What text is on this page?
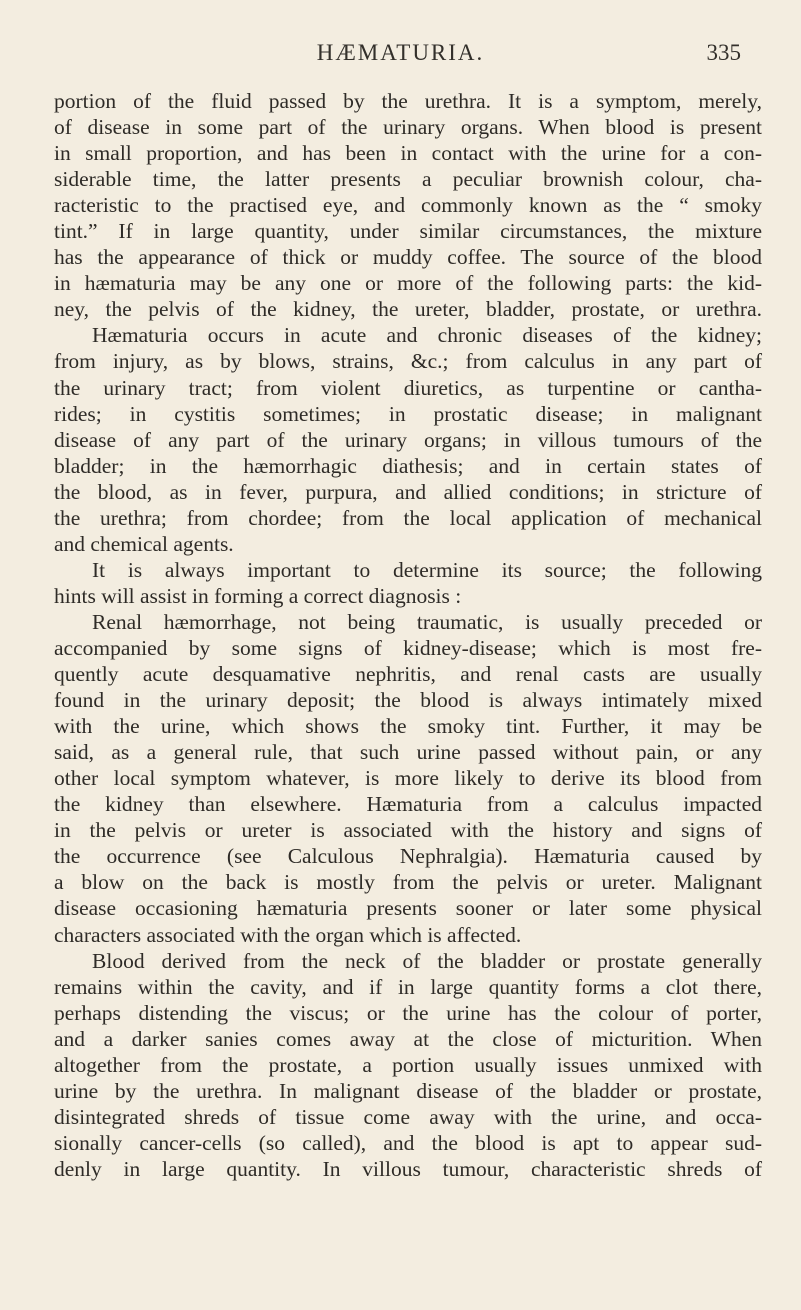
HÆMATURIA.	335
portion of the fluid passed by the urethra. It is a symptom, merely,
of disease in some part of the urinary organs. When blood is present
in small proportion, and has been in contact with the urine for a con-
siderable time, the latter presents a peculiar brownish colour, cha-
racteristic to the practised eye, and commonly known as the “ smoky
tint.” If in large quantity, under similar circumstances, the mixture
has the appearance of thick or muddy coffee. The source of the blood
in hæmaturia may be any one or more of the following parts: the kid-
ney, the pelvis of the kidney, the ureter, bladder, prostate, or urethra.
Hæmaturia occurs in acute and chronic diseases of the kidney;
from injury, as by blows, strains, &c.; from calculus in any part of
the urinary tract; from violent diuretics, as turpentine or cantha-
rides; in cystitis sometimes; in prostatic disease; in malignant
disease of any part of the urinary organs; in villous tumours of the
bladder; in the hæmorrhagic diathesis; and in certain states of
the blood, as in fever, purpura, and allied conditions; in stricture of
the urethra; from chordee; from the local application of mechanical
and chemical agents.
It is always important to determine its source; the following
hints will assist in forming a correct diagnosis :
Renal hæmorrhage, not being traumatic, is usually preceded or
accompanied by some signs of kidney-disease; which is most fre-
quently acute desquamative nephritis, and renal casts are usually
found in the urinary deposit; the blood is always intimately mixed
with the urine, which shows the smoky tint. Further, it may be
said, as a general rule, that such urine passed without pain, or any
other local symptom whatever, is more likely to derive its blood from
the kidney than elsewhere. Hæmaturia from a calculus impacted
in the pelvis or ureter is associated with the history and signs of
the occurrence (see Calculous Nephralgia). Hæmaturia caused by
a blow on the back is mostly from the pelvis or ureter. Malignant
disease occasioning hæmaturia presents sooner or later some physical
characters associated with the organ which is affected.
Blood derived from the neck of the bladder or prostate generally
remains within the cavity, and if in large quantity forms a clot there,
perhaps distending the viscus; or the urine has the colour of porter,
and a darker sanies comes away at the close of micturition. When
altogether from the prostate, a portion usually issues unmixed with
urine by the urethra. In malignant disease of the bladder or prostate,
disintegrated shreds of tissue come away with the urine, and occa-
sionally cancer-cells (so called), and the blood is apt to appear sud-
denly in large quantity. In villous tumour, characteristic shreds of
